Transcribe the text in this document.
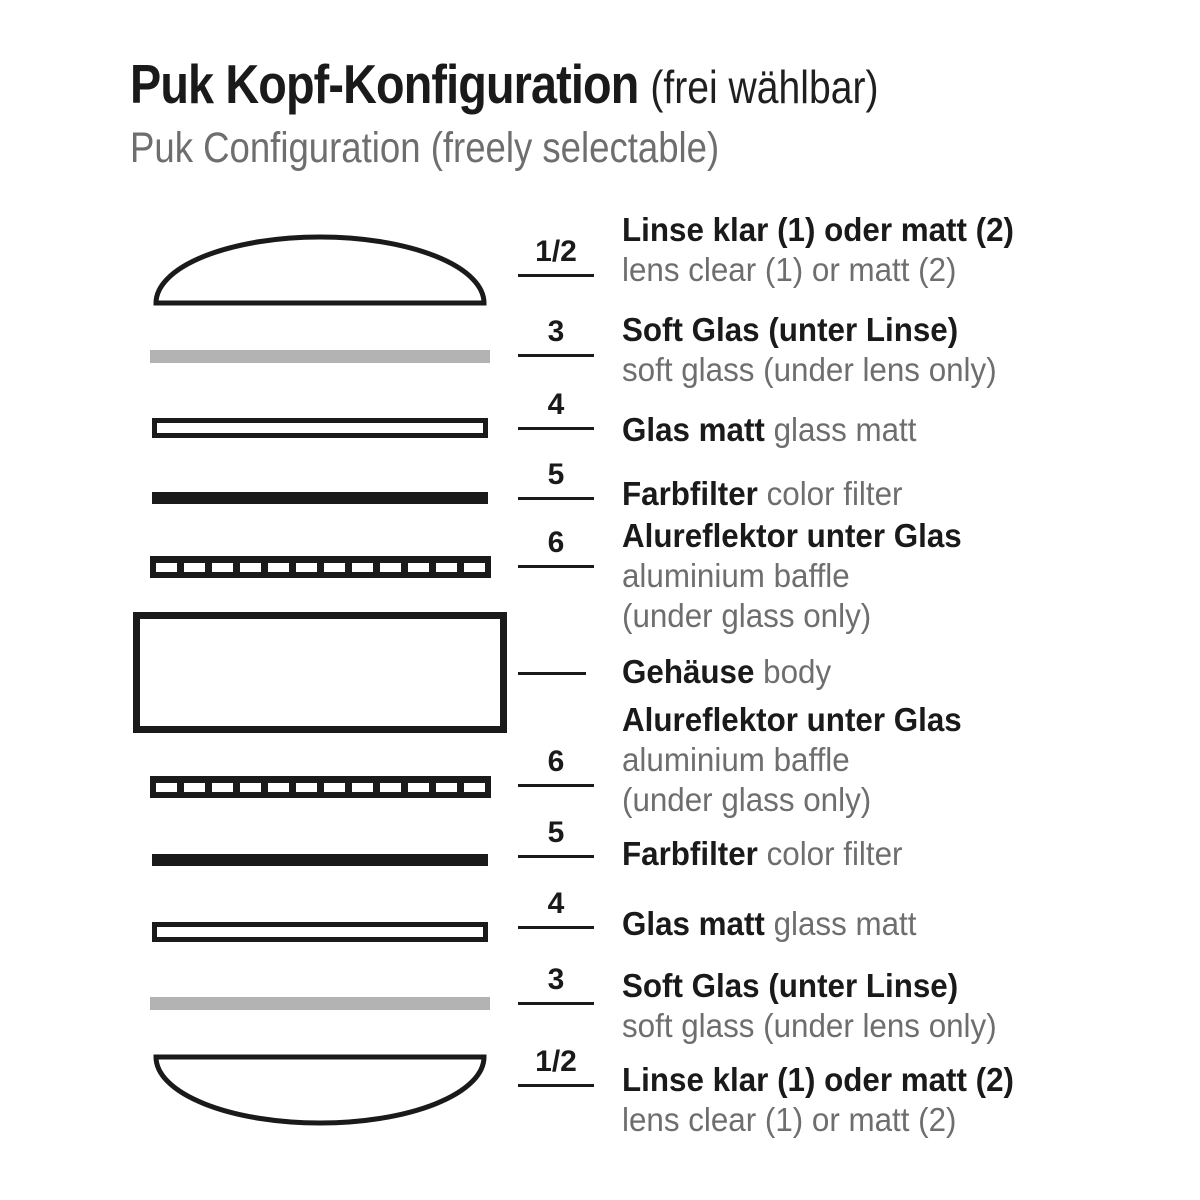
Puk Kopf-Konfiguration (frei wählbar)
Puk Configuration (freely selectable)
1/2
3
4
5
6
6
5
4
3
1/2
Linse klar (1) oder matt (2)
lens clear (1) or matt (2)
Soft Glas (unter Linse)
soft glass (under lens only)
Glas matt glass matt
Farbfilter color filter
Alureflektor unter Glas
aluminium baffle
(under glass only)
Gehäuse body
Alureflektor unter Glas
aluminium baffle
(under glass only)
Farbfilter color filter
Glas matt glass matt
Soft Glas (unter Linse)
soft glass (under lens only)
Linse klar (1) oder matt (2)
lens clear (1) or matt (2)
